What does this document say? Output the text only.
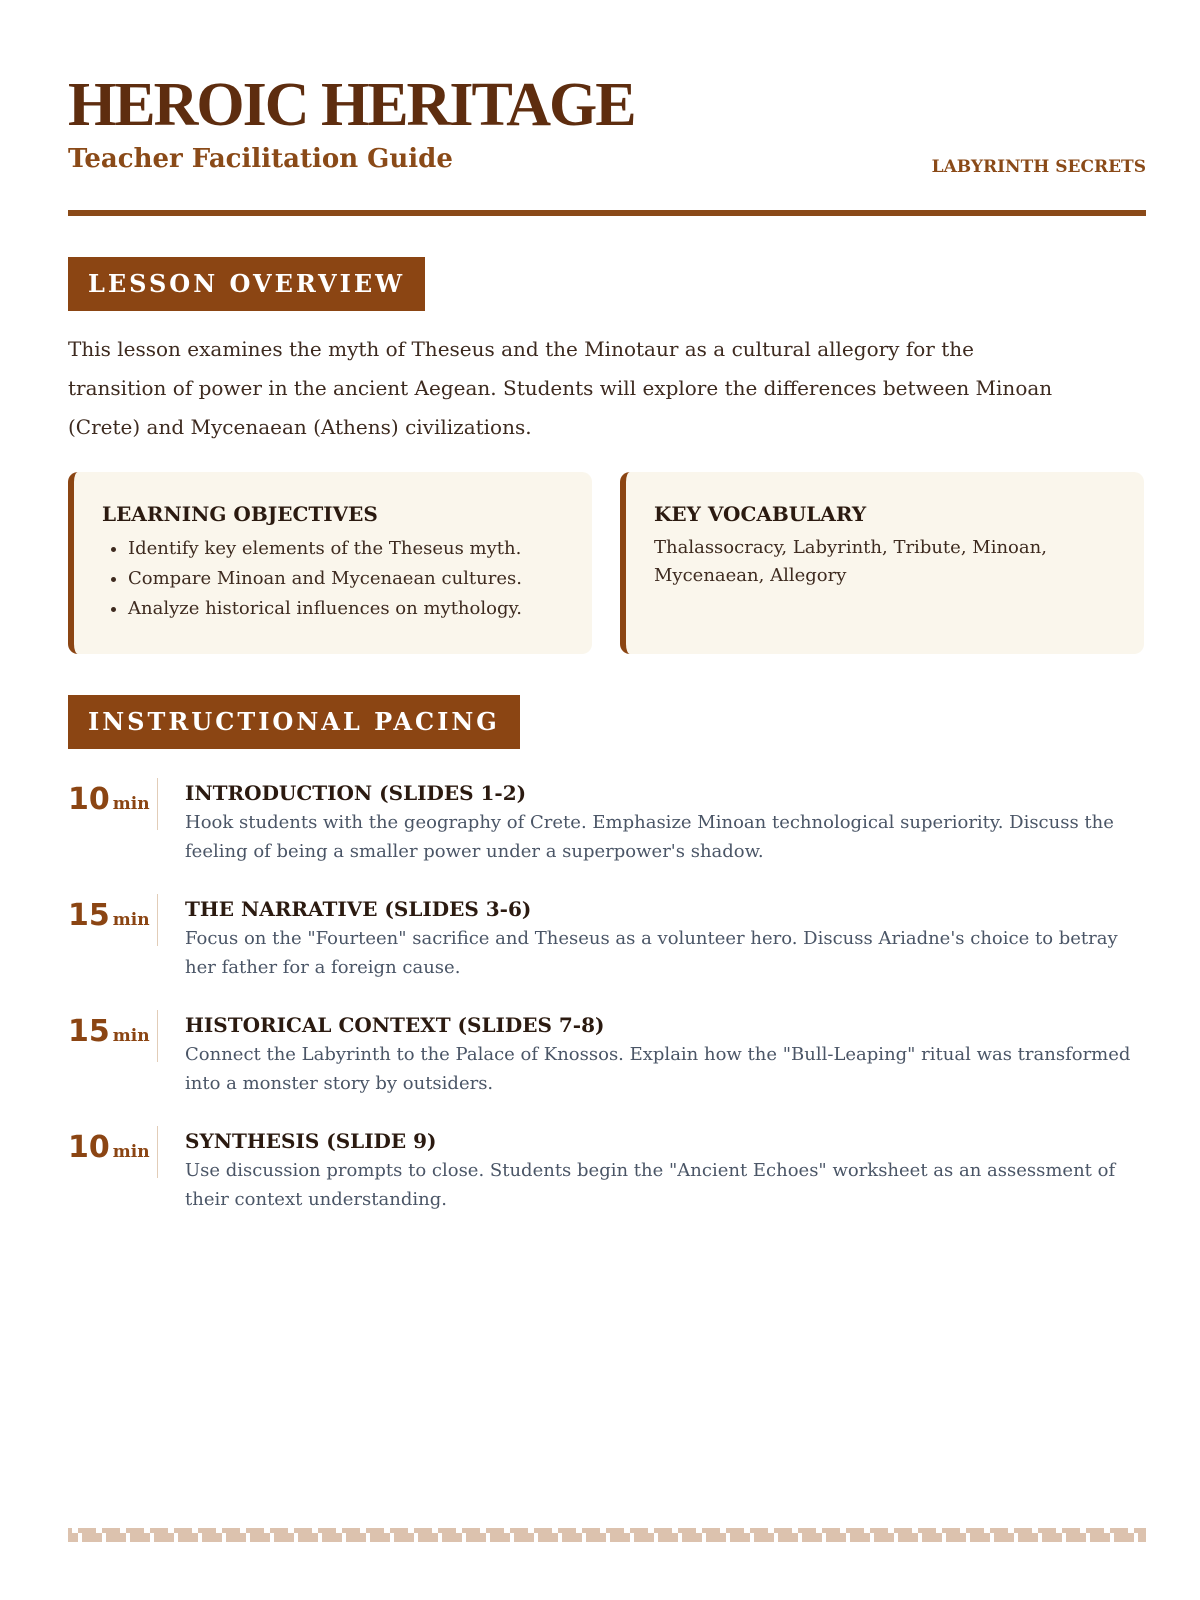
HEROIC HERITAGE
Teacher Facilitation Guide	LABYRINTH SECRETS
LESSON OVERVIEW
This lesson examines the myth of Theseus and the Minotaur as a cultural allegory for the transition of power in the ancient Aegean. Students will explore the differences between Minoan (Crete) and Mycenaean (Athens) civilizations.
LEARNING OBJECTIVES
• Identify key elements of the Theseus myth.
• Compare Minoan and Mycenaean cultures.
• Analyze historical influences on mythology.
KEY VOCABULARY

Thalassocracy, Labyrinth, Tribute, Minoan, Mycenaean, Allegory

INSTRUCTIONAL PACING
10 min INTRODUCTION (SLIDES 1-2)
Hook students with the geography of Crete. Emphasize Minoan technological superiority. Discuss the feeling of being a smaller power under a superpower's shadow.
15 min THE NARRATIVE (SLIDES 3-6)
Focus on the "Fourteen" sacrifice and Theseus as a volunteer hero. Discuss Ariadne's choice to betray her father for a foreign cause.
15 min HISTORICAL CONTEXT (SLIDES 7-8)
Connect the Labyrinth to the Palace of Knossos. Explain how the "Bull-Leaping" ritual was transformed into a monster story by outsiders.
10 min SYNTHESIS (SLIDE 9)
Use discussion prompts to close. Students begin the "Ancient Echoes" worksheet as an assessment of their context understanding.
